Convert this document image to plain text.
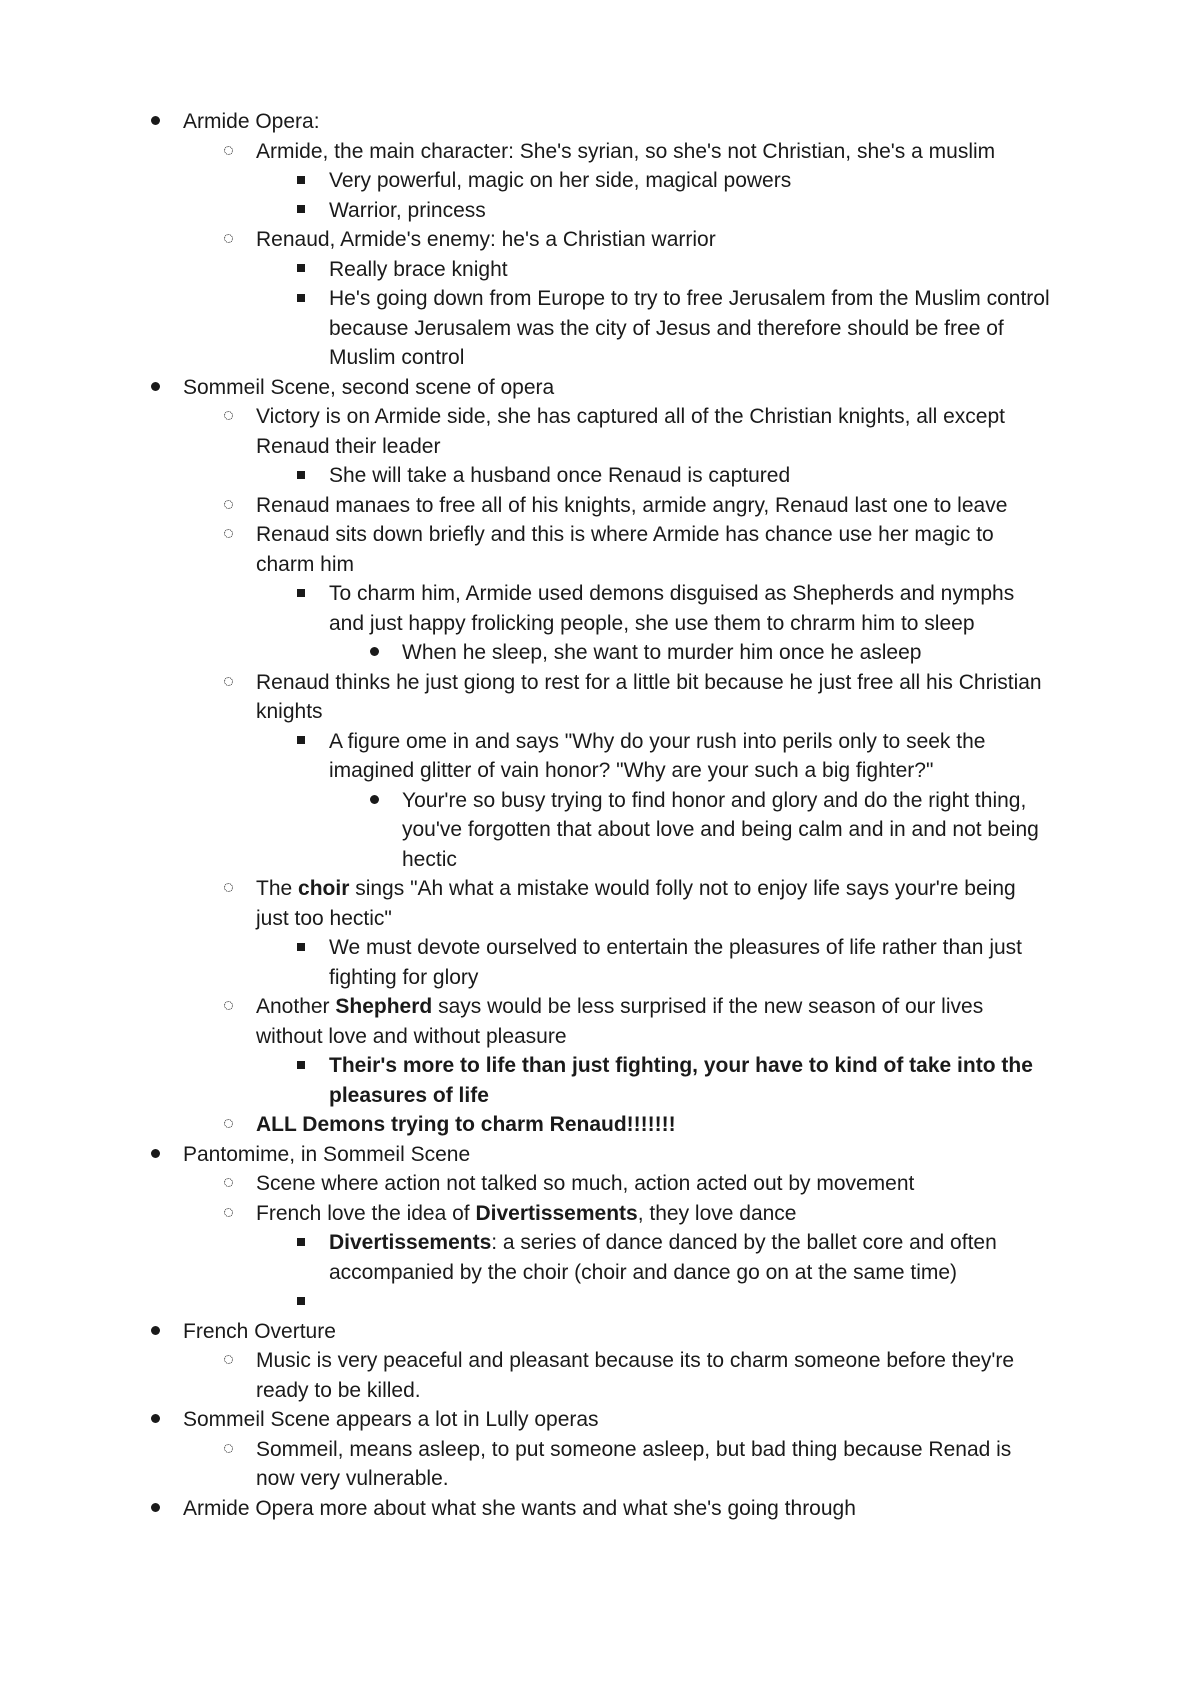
Armide Opera:
Armide, the main character: She's syrian, so she's not Christian, she's a muslim
Very powerful, magic on her side, magical powers
Warrior, princess
Renaud, Armide's enemy: he's a Christian warrior
Really brace knight
He's going down from Europe to try to free Jerusalem from the Muslim control
because Jerusalem was the city of Jesus and therefore should be free of
Muslim control
Sommeil Scene, second scene of opera
Victory is on Armide side, she has captured all of the Christian knights, all except
Renaud their leader
She will take a husband once Renaud is captured
Renaud manaes to free all of his knights, armide angry, Renaud last one to leave
Renaud sits down briefly and this is where Armide has chance use her magic to
charm him
To charm him, Armide used demons disguised as Shepherds and nymphs
and just happy frolicking people, she use them to chrarm him to sleep
When he sleep, she want to murder him once he asleep
Renaud thinks he just giong to rest for a little bit because he just free all his Christian
knights
A figure ome in and says "Why do your rush into perils only to seek the
imagined glitter of vain honor? "Why are your such a big fighter?"
Your're so busy trying to find honor and glory and do the right thing,
you've forgotten that about love and being calm and in and not being
hectic
The choir sings "Ah what a mistake would folly not to enjoy life says your're being
just too hectic"
We must devote ourselved to entertain the pleasures of life rather than just
fighting for glory
Another Shepherd says would be less surprised if the new season of our lives
without love and without pleasure
Their's more to life than just fighting, your have to kind of take into the
pleasures of life
ALL Demons trying to charm Renaud!!!!!!!
Pantomime, in Sommeil Scene
Scene where action not talked so much, action acted out by movement
French love the idea of Divertissements, they love dance
Divertissements: a series of dance danced by the ballet core and often
accompanied by the choir (choir and dance go on at the same time)

French Overture
Music is very peaceful and pleasant because its to charm someone before they're
ready to be killed.
Sommeil Scene appears a lot in Lully operas
Sommeil, means asleep, to put someone asleep, but bad thing because Renad is
now very vulnerable.
Armide Opera more about what she wants and what she's going through
